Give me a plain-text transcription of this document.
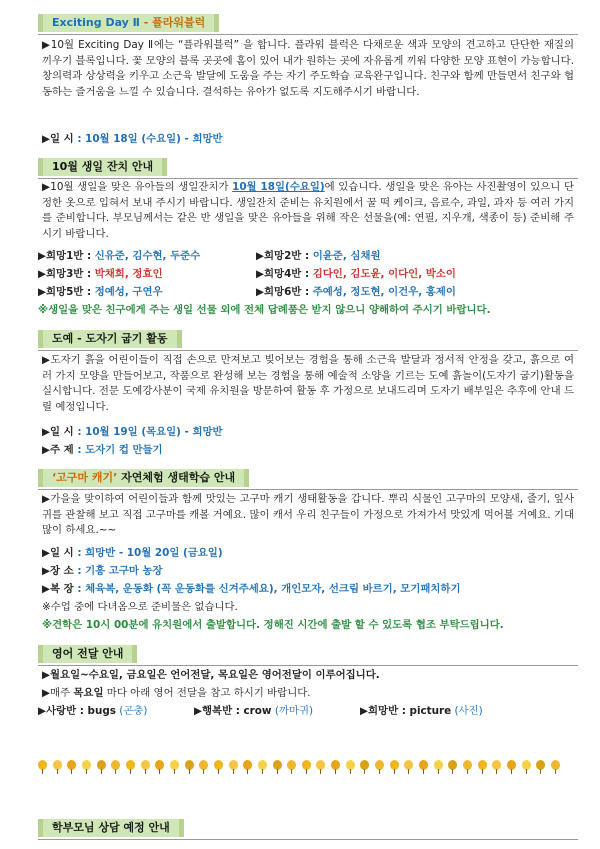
Exciting Day Ⅱ - 플라워블럭
▶10월 Exciting Day Ⅱ에는 “플라워블럭” 을 합니다. 플라워 블럭은 다채로운 색과 모양의 견고하고 단단한 재질의 끼우기 블록입니다. 꽃 모양의 블록 곳곳에 홈이 있어 내가 원하는 곳에 자유롭게 끼워 다양한 모양 표현이 가능합니다. 창의력과 상상력을 키우고 소근육 발달에 도움을 주는 자기 주도학습 교육완구입니다. 친구와 함께 만들면서 친구와 협동하는 즐거움을 느낄 수 있습니다. 결석하는 유아가 없도록 지도해주시기 바랍니다.
▶일 시 : 10월 18일 (수요일) - 희망반
10월 생일 잔치 안내
▶10월 생일을 맞은 유아들의 생일잔치가 10월 18일(수요일)에 있습니다. 생일을 맞은 유아는 사진촬영이 있으니 단정한 옷으로 입혀서 보내 주시기 바랍니다. 생일잔치 준비는 유치원에서 꿀 떡 케이크, 음료수, 과일, 과자 등 여러 가지를 준비합니다. 부모님께서는 같은 반 생일을 맞은 유아들을 위해 작은 선물을(예: 연필, 지우개, 색종이 등) 준비해 주시기 바랍니다.
▶희망1반 : 신유준, 김수현, 두준수	▶희망2반 : 이윤준, 심채원
▶희망3반 : 박채희, 정효인	▶희망4반 : 김다인, 김도윤, 이다인, 박소이
▶희망5반 : 정예성, 구연우	▶희망6반 : 주예성, 정도현, 이건우, 홍제이
※생일을 맞은 친구에게 주는 생일 선물 외에 전체 답례품은 받지 않으니 양해하여 주시기 바랍니다.
도예 - 도자기 굽기 활동
▶도자기 흙을 어린이들이 직접 손으로 만져보고 빚어보는 경험을 통해 소근육 발달과 정서적 안정을 갖고, 흙으로 여러 가지 모양을 만들어보고, 작품으로 완성해 보는 경험을 통해 예술적 소양을 기르는 도예 흙놀이(도자기 굽기)활동을 실시합니다. 전문 도예강사분이 국제 유치원을 방문하여 활동 후 가정으로 보내드리며 도자기 배부일은 추후에 안내 드릴 예정입니다.
▶일 시 : 10월 19일 (목요일) - 희망반
▶주 제 : 도자기 컵 만들기
‘고구마 캐기’ 자연체험 생태학습 안내
▶가을을 맞이하여 어린이들과 함께 맛있는 고구마 캐기 생태활동을 갑니다. 뿌리 식물인 고구마의 모양새, 줄기, 잎사귀를 관찰해 보고 직접 고구마를 캐볼 거예요. 많이 캐서 우리 친구들이 가정으로 가져가서 맛있게 먹어볼 거예요. 기대 많이 하세요.~~
▶일 시 : 희망반 - 10월 20일 (금요일)
▶장 소 : 기흥 고구마 농장
▶복 장 : 체육복, 운동화 (꼭 운동화를 신겨주세요), 개인모자, 선크림 바르기, 모기패치하기
※수업 중에 다녀옴으로 준비물은 없습니다.
※견학은 10시 00분에 유치원에서 출발합니다. 정해진 시간에 출발 할 수 있도록 협조 부탁드립니다.
영어 전달 안내
▶월요일~수요일, 금요일은 언어전달, 목요일은 영어전달이 이루어집니다.
▶매주 목요일 마다 아래 영어 전달을 참고 하시기 바랍니다.
▶사랑반 : bugs (곤충)	▶행복반 : crow (까마귀)	▶희망반 : picture (사진)
학부모님 상담 예정 안내
